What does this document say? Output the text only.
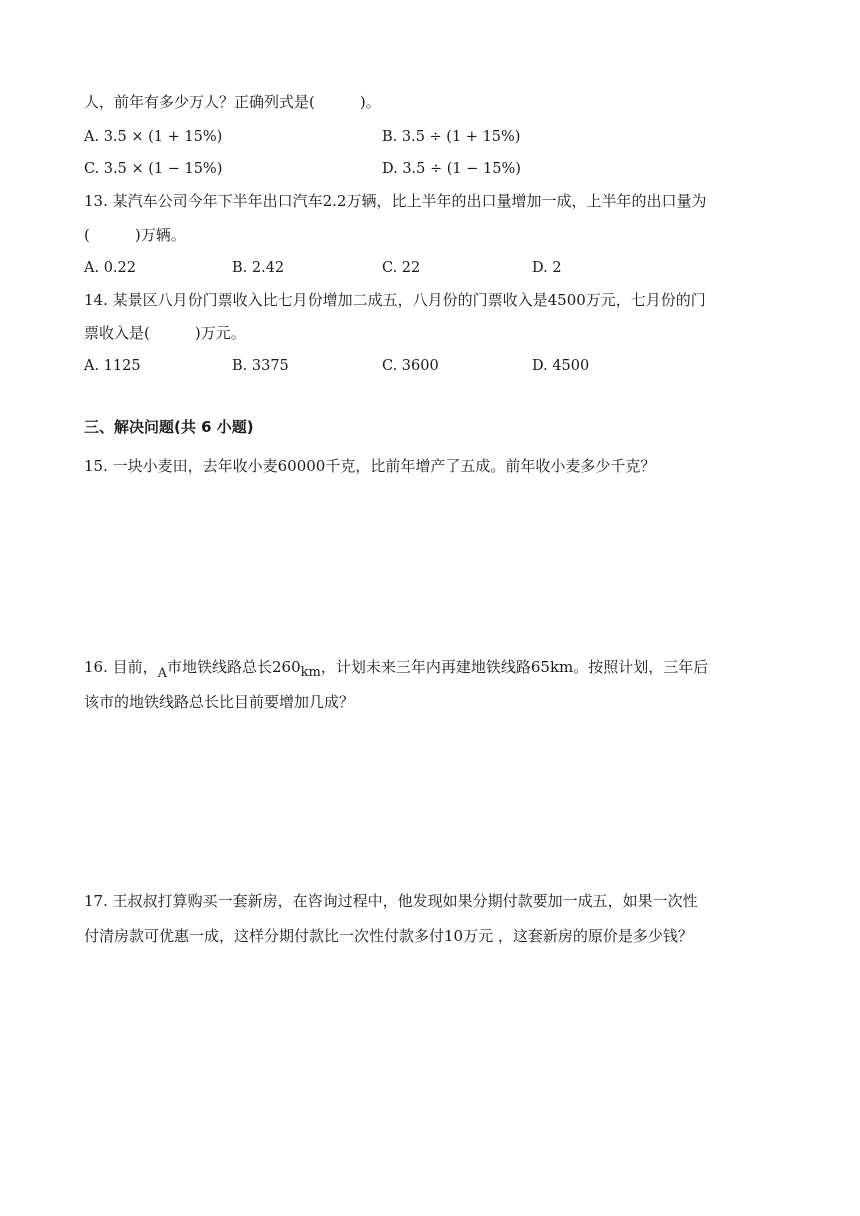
人，前年有多少万人？正确列式是(　　　)。
A. 3.5 × (1 + 15%)	B. 3.5 ÷ (1 + 15%)
C. 3.5 × (1 − 15%)	D. 3.5 ÷ (1 − 15%)
13. 某汽车公司今年下半年出口汽车2.2万辆，比上半年的出口量增加一成，上半年的出口量为
(　　　)万辆。
A. 0.22	B. 2.42	C. 22	D. 2
14. 某景区八月份门票收入比七月份增加二成五，八月份的门票收入是4500万元，七月份的门
票收入是(　　　)万元。
A. 1125	B. 3375	C. 3600	D. 4500
三、解决问题(共 6 小题)
15. 一块小麦田，去年收小麦60000千克，比前年增产了五成。前年收小麦多少千克？
16. 目前，A市地铁线路总长260km，计划未来三年内再建地铁线路65km。按照计划，三年后
该市的地铁线路总长比目前要增加几成？
17. 王叔叔打算购买一套新房，在咨询过程中，他发现如果分期付款要加一成五，如果一次性
付清房款可优惠一成，这样分期付款比一次性付款多付10万元 ，这套新房的原价是多少钱？
